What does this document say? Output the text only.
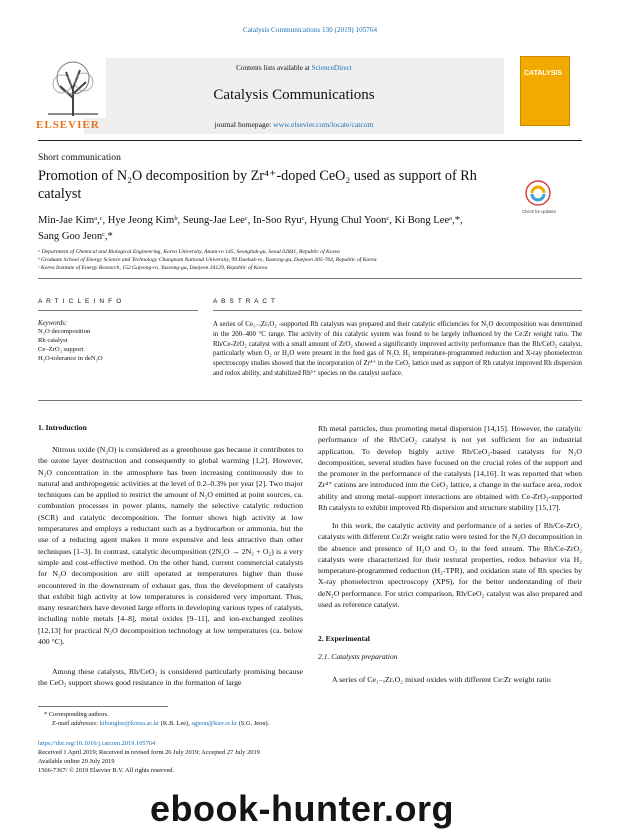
Catalysis Communications 130 (2019) 105764
ELSEVIER
Contents lists available at ScienceDirect
Catalysis Communications
journal homepage: www.elsevier.com/locate/catcom
CATALYSIS
Short communication
Promotion of N₂O decomposition by Zr⁴⁺-doped CeO₂ used as support of Rh catalyst
Check for updates
Min-Jae Kimᵃ,ᶜ, Hye Jeong Kimᵇ, Seung-Jae Leeᶜ, In-Soo Ryuᶜ, Hyung Chul Yoonᶜ, Ki Bong Leeᵃ,*,
Sang Goo Jeonᶜ,*
ᵃ Department of Chemical and Biological Engineering, Korea University, Anam-ro 145, Seongbuk-gu, Seoul 02841, Republic of Korea
ᵇ Graduate School of Energy Science and Technology Chungnam National University, 99 Daehak-ro, Yuseong-gu, Daejeon 305-764, Republic of Korea
ᶜ Korea Institute of Energy Research, 152 Gajeong-ro, Yuseong-gu, Daejeon 34129, Republic of Korea
A R T I C L E I N F O	A B S T R A C T
Keywords:
N₂O decomposition
Rh catalyst
Ce–ZrO₂ support
H₂O-tolerance in deN₂O
A series of Ce₁₋ₓZrₓO₂ -supported Rh catalysts was prepared and their catalytic efficiencies for N₂O decomposition was determined in the 200–400 °C range. The activity of this catalytic system was found to be largely influenced by the Ce:Zr weight ratio. The Rh/Ce-ZrO₂ catalyst with a small amount of ZrO₂ showed a significantly improved activity performance than the Rh/CeO₂ catalyst, particularly when O₂ or H₂O were present in the feed gas of N₂O. H₂ temperature-programmed reduction and X-ray photoelectron spectroscopy studies showed that the incorporation of Zr⁴⁺ in the CeO₂ lattice used as support of Rh catalyst improved Rh dispersion and redox ability, and stabilized Rh³⁺ species on the catalyst surface.
1. Introduction
Nitrous oxide (N₂O) is considered as a greenhouse gas because it contributes to the ozone layer destruction and consequently to global warming [1,2]. However, N₂O concentration in the atmosphere has been increasing continuously due to natural and anthropogenic activities at the level of 0.2–0.3% per year [2]. Two major techniques can be applied to restrict the amount of N₂O emitted at point sources, ca. combustion processes in power plants, namely the selective catalytic reduction (SCR) and catalytic decomposition. The former shows high activity at low temperatures and employs a reductant such as a hydrocarbon or ammonia, but the use of a reducing agent makes it more expensive and less attractive than other techniques [1–3]. In contrast, catalytic decomposition (2N₂O → 2N₂ + O₂) is a very simple and cost-effective method. On the other hand, current commercial catalysts for N₂O decomposition are still operated at temperatures higher than those encountered in the downstream of exhaust gas, thus the development of catalysts that exhibit high activity at low temperatures is considered very important. Thus, many researchers have devoted large efforts in developing various types of catalysts, including noble metals [4–8], metal oxides [9–11], and ion-exchanged zeolites [12,13] for practical N₂O decomposition technology at low temperatures (ca. below 400 °C).
Among these catalysts, Rh/CeO₂ is considered particularly promising because the CeO₂ support shows good resistance in the formation of large
Rh metal particles, thus promoting metal dispersion [14,15]. However, the catalytic performance of the Rh/CeO₂ catalyst is not yet sufficient for an industrial application. To develop highly active Rh/CeO₂-based catalysts for N₂O decomposition, several studies have focused on the crucial roles of the support and the promoter in the performance of the catalysts [14,16]. It was reported that when Zr⁴⁺ cations are introduced into the CeO₂ lattice, a change in the surface area, redox ability and strong metal–support interactions are obtained with Ce-ZrO₂-supported Rh catalysts to exhibit improved Rh dispersion and structure stability [15,17].
In this work, the catalytic activity and performance of a series of Rh/Ce-ZrO₂ catalysts with different Ce:Zr weight ratio were tested for the N₂O decomposition in the absence and presence of H₂O and O₂ in the feed stream. The Rh/Ce-ZrO₂ catalysts were characterized for their textural properties, redox behavior via H₂ temperature-programmed reduction (H₂-TPR), and oxidation state of Rh species by X-ray photoelectron spectroscopy (XPS), for the better understanding of their deN₂O performance. For strict comparison, Rh/CeO₂ catalyst was also prepared and used as reference catalyst.
2. Experimental
2.1. Catalysts preparation
A series of Ce₁₋ₓZrₓO₂ mixed oxides with different Ce:Zr weight ratio
* Corresponding authors.
E-mail addresses: kibonglee@korea.ac.kr (K.B. Lee), sgjeon@kier.re.kr (S.G. Jeon).
https://doi.org/10.1016/j.catcom.2019.105764
Received 1 April 2019; Received in revised form 26 July 2019; Accepted 27 July 2019
Available online 29 July 2019
1566-7367/ © 2019 Elsevier B.V. All rights reserved.
ebook-hunter.org
